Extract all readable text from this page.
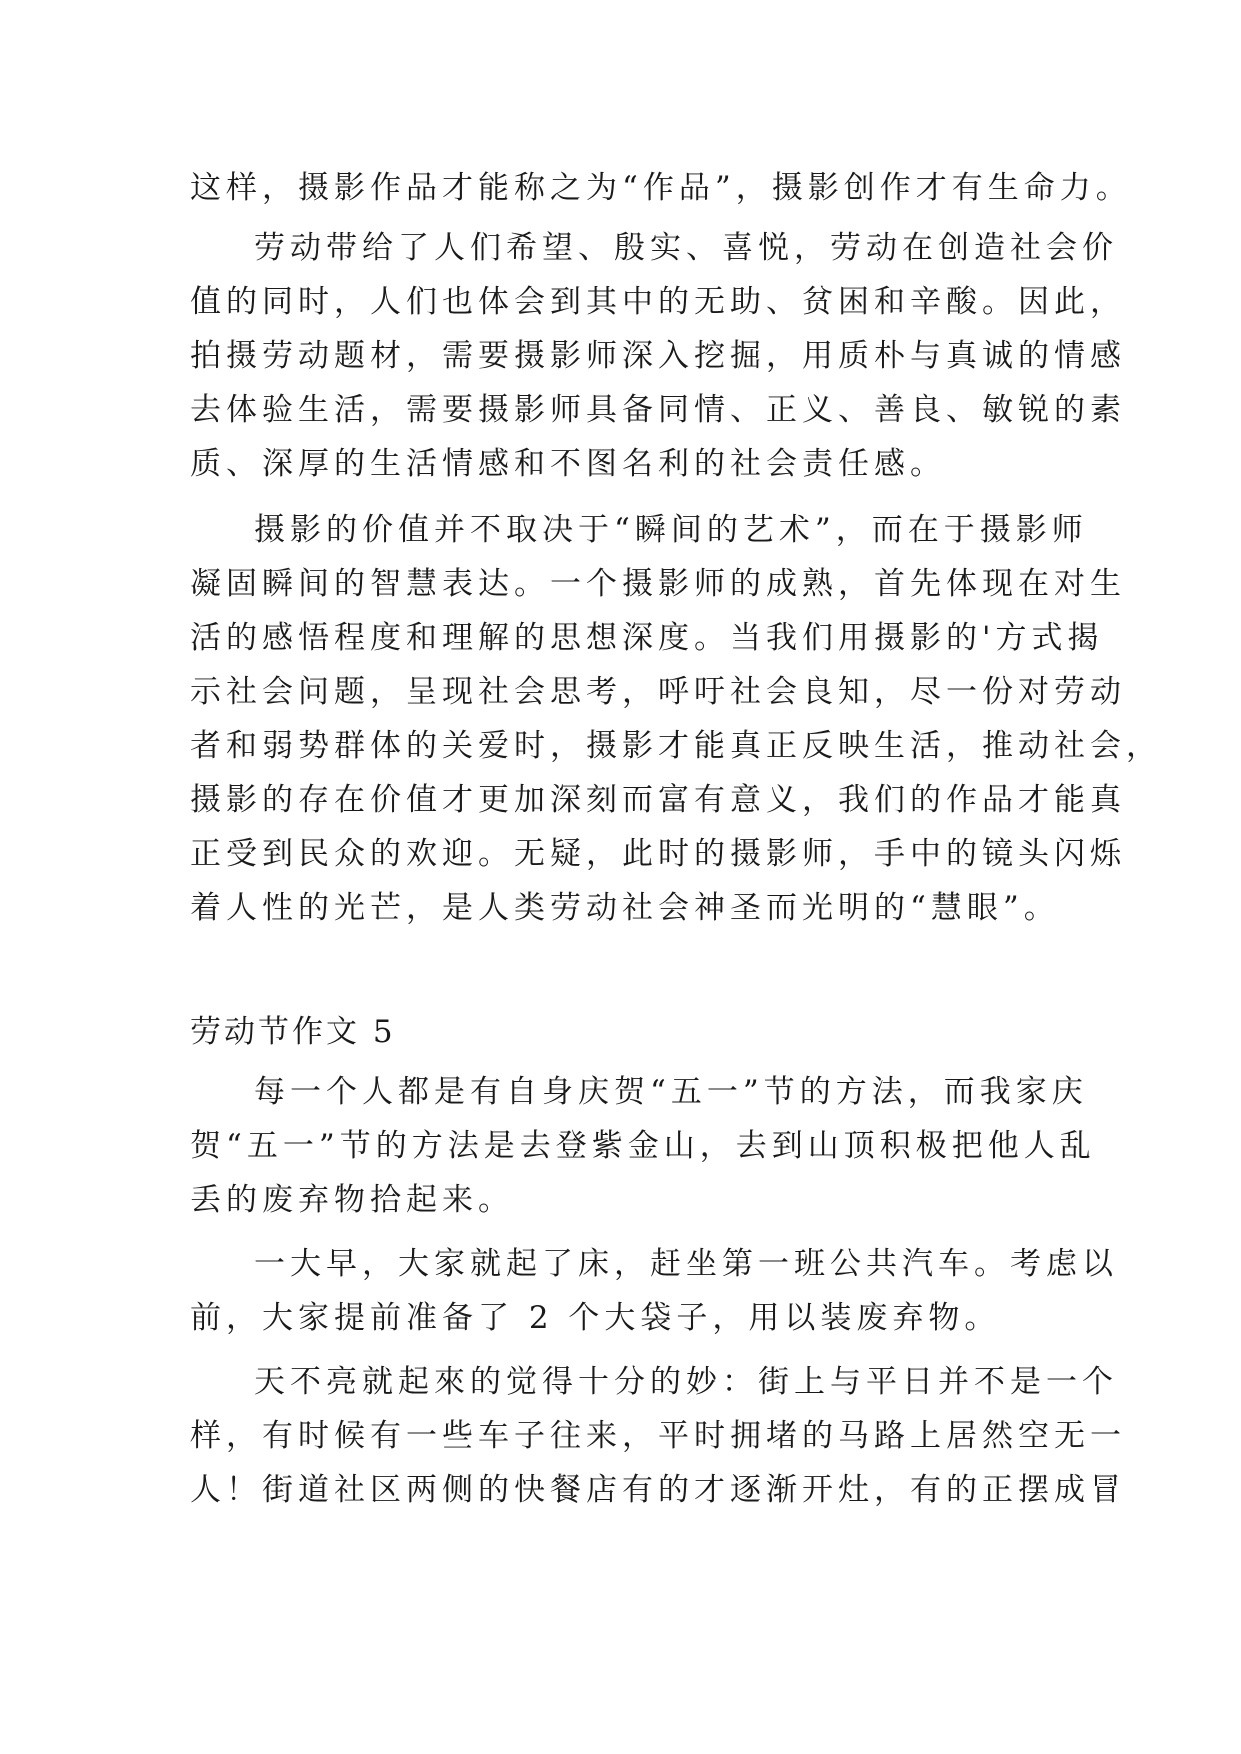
这样，摄影作品才能称之为“作品”，摄影创作才有生命力。
劳动带给了人们希望、殷实、喜悦，劳动在创造社会价
值的同时，人们也体会到其中的无助、贫困和辛酸。因此，
拍摄劳动题材，需要摄影师深入挖掘，用质朴与真诚的情感
去体验生活，需要摄影师具备同情、正义、善良、敏锐的素
质、深厚的生活情感和不图名利的社会责任感。
摄影的价值并不取决于“瞬间的艺术”，而在于摄影师
凝固瞬间的智慧表达。一个摄影师的成熟，首先体现在对生
活的感悟程度和理解的思想深度。当我们用摄影的'方式揭
示社会问题，呈现社会思考，呼吁社会良知，尽一份对劳动
者和弱势群体的关爱时，摄影才能真正反映生活，推动社会，
摄影的存在价值才更加深刻而富有意义，我们的作品才能真
正受到民众的欢迎。无疑，此时的摄影师，手中的镜头闪烁
着人性的光芒，是人类劳动社会神圣而光明的“慧眼”。
劳动节作文 5
每一个人都是有自身庆贺“五一”节的方法，而我家庆
贺“五一”节的方法是去登紫金山，去到山顶积极把他人乱
丢的废弃物拾起来。
一大早，大家就起了床，赶坐第一班公共汽车。考虑以
前，大家提前准备了 2 个大袋子，用以装废弃物。
天不亮就起來的觉得十分的妙：街上与平日并不是一个
样，有时候有一些车子往来，平时拥堵的马路上居然空无一
人！街道社区两侧的快餐店有的才逐渐开灶，有的正摆成冒
